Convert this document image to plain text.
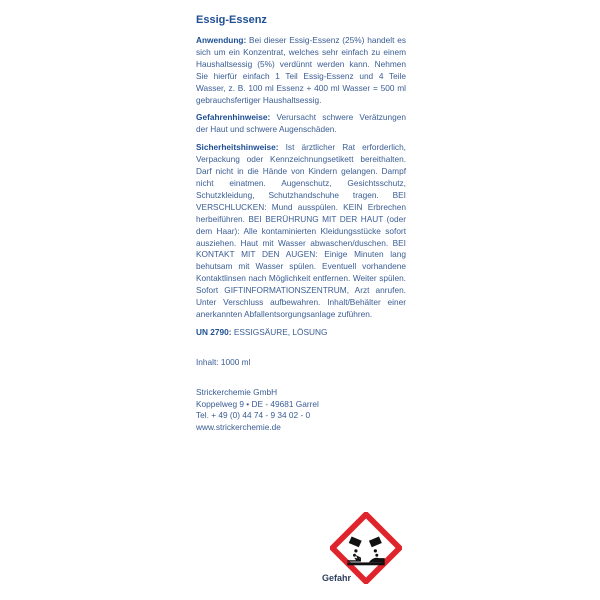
Essig-Essenz

Anwendung: Bei dieser Essig-Essenz (25%) handelt es sich um ein Konzentrat, welches sehr einfach zu einem Haushaltsessig (5%) verdünnt werden kann. Nehmen Sie hierfür einfach 1 Teil Essig-Essenz und 4 Teile Wasser, z. B. 100 ml Essenz + 400 ml Wasser = 500 ml gebrauchsfertiger Haushaltsessig.

Gefahrenhinweise: Verursacht schwere Verätzungen der Haut und schwere Augenschäden.

Sicherheitshinweise: Ist ärztlicher Rat erforderlich, Verpackung oder Kennzeichnungsetikett bereithalten. Darf nicht in die Hände von Kindern gelangen. Dampf nicht einatmen. Augenschutz, Gesichtsschutz, Schutzkleidung, Schutzhandschuhe tragen. BEI VERSCHLUCKEN: Mund ausspülen. KEIN Erbrechen herbeiführen. BEI BERÜHRUNG MIT DER HAUT (oder dem Haar): Alle kontaminierten Kleidungsstücke sofort ausziehen. Haut mit Wasser abwaschen/duschen. BEI KONTAKT MIT DEN AUGEN: Einige Minuten lang behutsam mit Wasser spülen. Eventuell vorhandene Kontaktlinsen nach Möglichkeit entfernen. Weiter spülen. Sofort GIFTINFORMATIONSZENTRUM, Arzt anrufen. Unter Verschluss aufbewahren. Inhalt/Behälter einer anerkannten Abfallentsorgungsanlage zuführen.

UN 2790: ESSIGSÄURE, LÖSUNG

Inhalt: 1000 ml

Strickerchemie GmbH
Koppelweg 9 • DE - 49681 Garrel
Tel. + 49 (0) 44 74 - 9 34 02 - 0
www.strickerchemie.de
Gefahr
